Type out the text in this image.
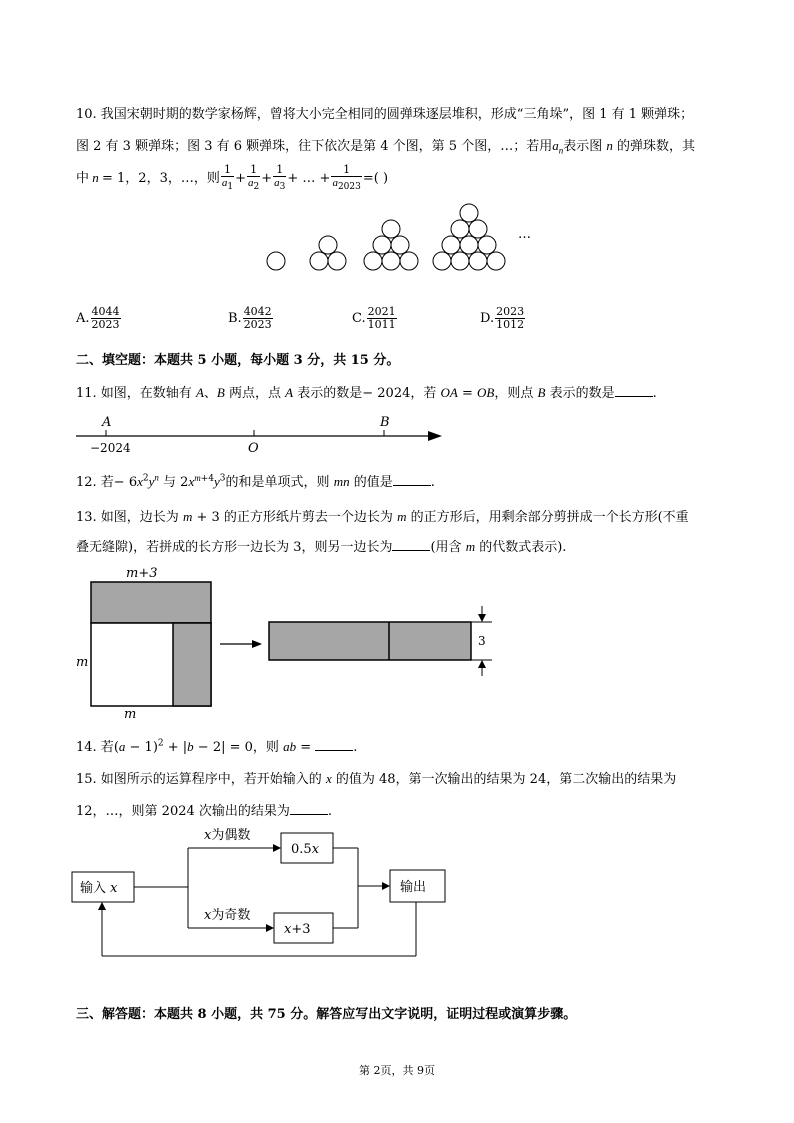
10. 我国宋朝时期的数学家杨辉，曾将大小完全相同的圆弹珠逐层堆积，形成“三角垛”，图 1 有 1 颗弹珠；
图 2 有 3 颗弹珠；图 3 有 6 颗弹珠，往下依次是第 4 个图，第 5 个图，…；若用$a_n$表示图 n 的弹珠数，其
中 n = 1，2，3，…，则 $\frac{1}{a_1} + \frac{1}{a_2} + \frac{1}{a_3}$ + … + $\frac{1}{a_{2023}}$ =( )
…
A. $\frac{4044}{2023}$	B. $\frac{4042}{2023}$	C. $\frac{2021}{1011}$	D. $\frac{2023}{1012}$
二、填空题：本题共 5 小题，每小题 3 分，共 15 分。
11. 如图，在数轴有 A、B 两点，点 A 表示的数是− 2024，若 OA = OB，则点 B 表示的数是	.
A	B
−2024	O
12. 若− $6x^2y^n$ 与 $2x^{m+4}y^3$的和是单项式，则 mn 的值是	.
13. 如图，边长为 m + 3 的正方形纸片剪去一个边长为 m 的正方形后，用剩余部分剪拼成一个长方形(不重
叠无缝隙)，若拼成的长方形一边长为 3，则另一边长为	(用含 m 的代数式表示).
m+3
m
m
3
14. 若$(a - 1)^2 + |b - 2| = 0$，则 ab =	.
15. 如图所示的运算程序中，若开始输入的 x 的值为 48，第一次输出的结果为 24，第二次输出的结果为
12，…，则第 2024 次输出的结果为	.
输入 x
x为偶数
x为奇数
0.5x
x+3
输出
三、解答题：本题共 8 小题，共 75 分。解答应写出文字说明，证明过程或演算步骤。
第 2页，共 9页
